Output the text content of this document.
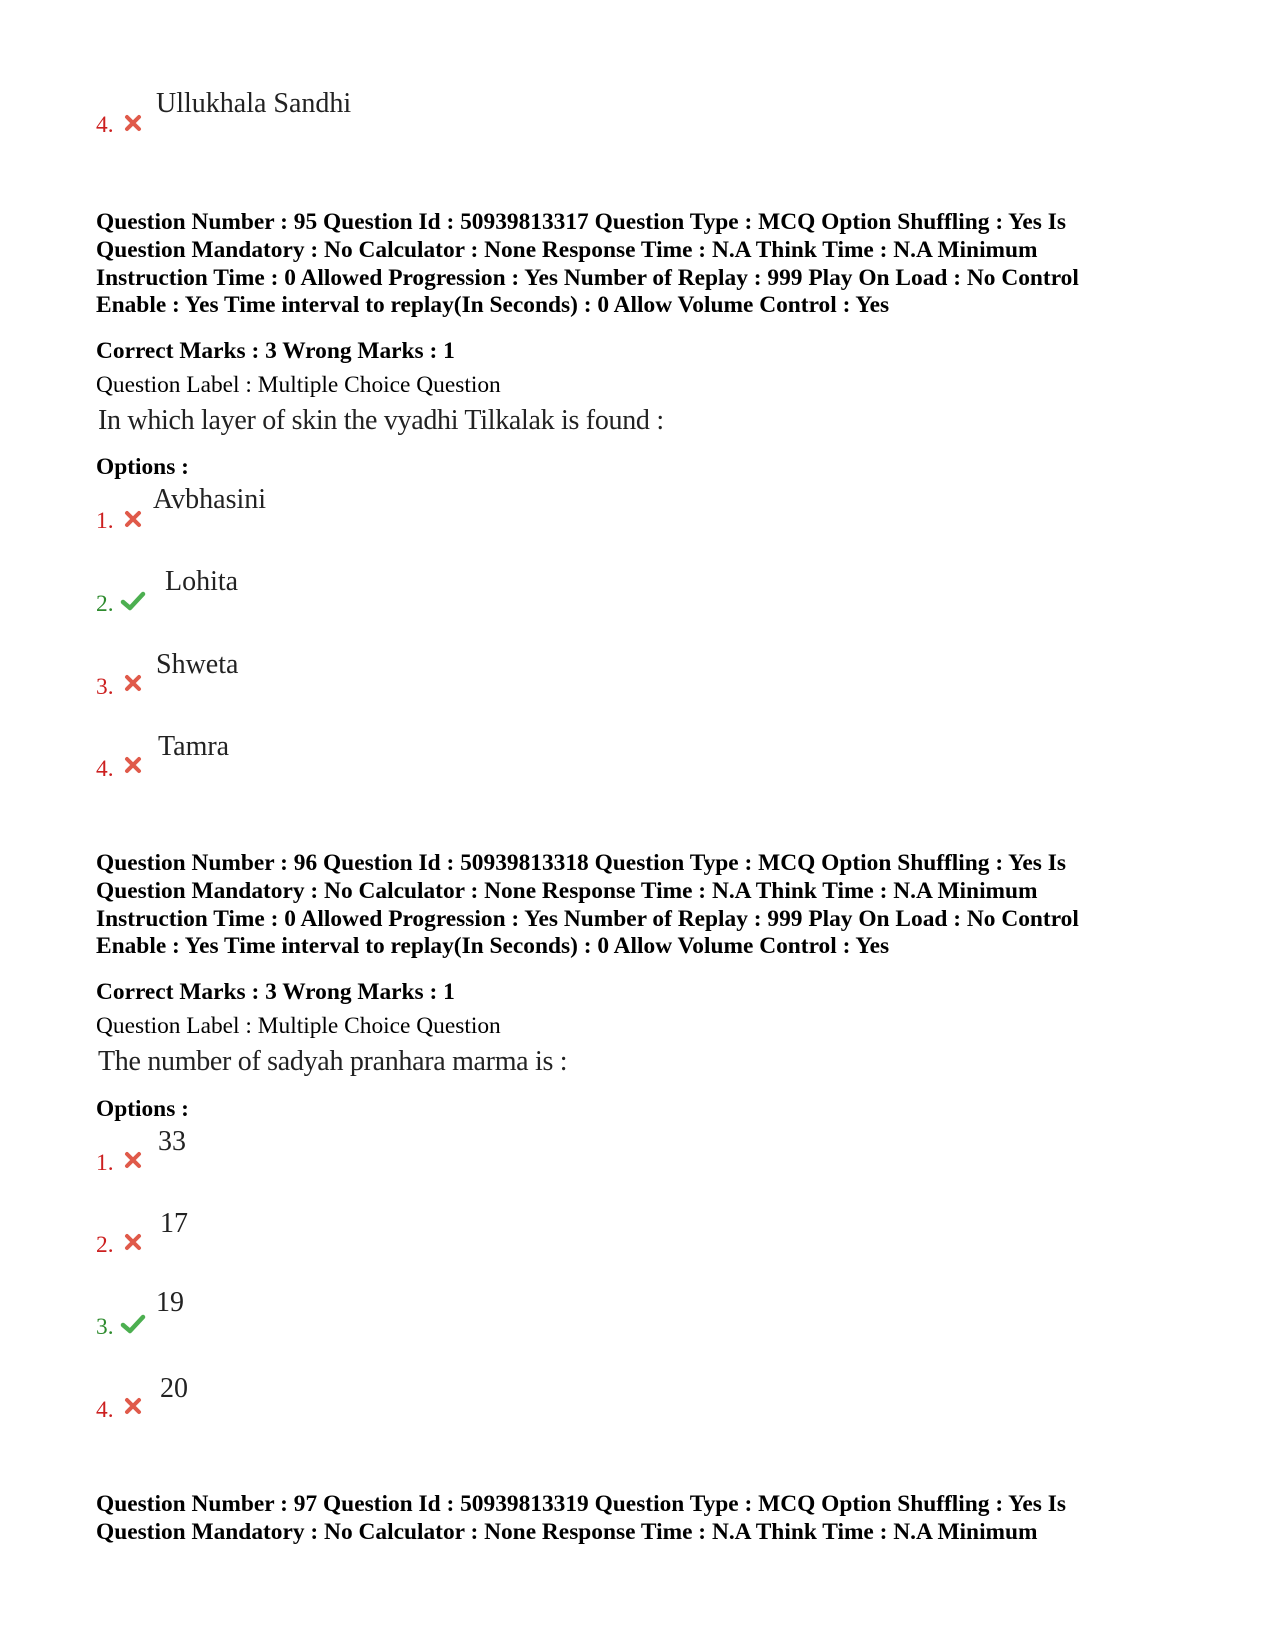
4.
Ullukhala Sandhi
Question Number : 95 Question Id : 50939813317 Question Type : MCQ Option Shuffling : Yes Is
Question Mandatory : No Calculator : None Response Time : N.A Think Time : N.A Minimum
Instruction Time : 0 Allowed Progression : Yes Number of Replay : 999 Play On Load : No Control
Enable : Yes Time interval to replay(In Seconds) : 0 Allow Volume Control : Yes
Correct Marks : 3 Wrong Marks : 1
Question Label : Multiple Choice Question
In which layer of skin the vyadhi Tilkalak is found :
Options :
1.
Avbhasini
2.
Lohita
3.
Shweta
4.
Tamra
Question Number : 96 Question Id : 50939813318 Question Type : MCQ Option Shuffling : Yes Is
Question Mandatory : No Calculator : None Response Time : N.A Think Time : N.A Minimum
Instruction Time : 0 Allowed Progression : Yes Number of Replay : 999 Play On Load : No Control
Enable : Yes Time interval to replay(In Seconds) : 0 Allow Volume Control : Yes
Correct Marks : 3 Wrong Marks : 1
Question Label : Multiple Choice Question
The number of sadyah pranhara marma is :
Options :
1.
33
2.
17
3.
19
4.
20
Question Number : 97 Question Id : 50939813319 Question Type : MCQ Option Shuffling : Yes Is
Question Mandatory : No Calculator : None Response Time : N.A Think Time : N.A Minimum
